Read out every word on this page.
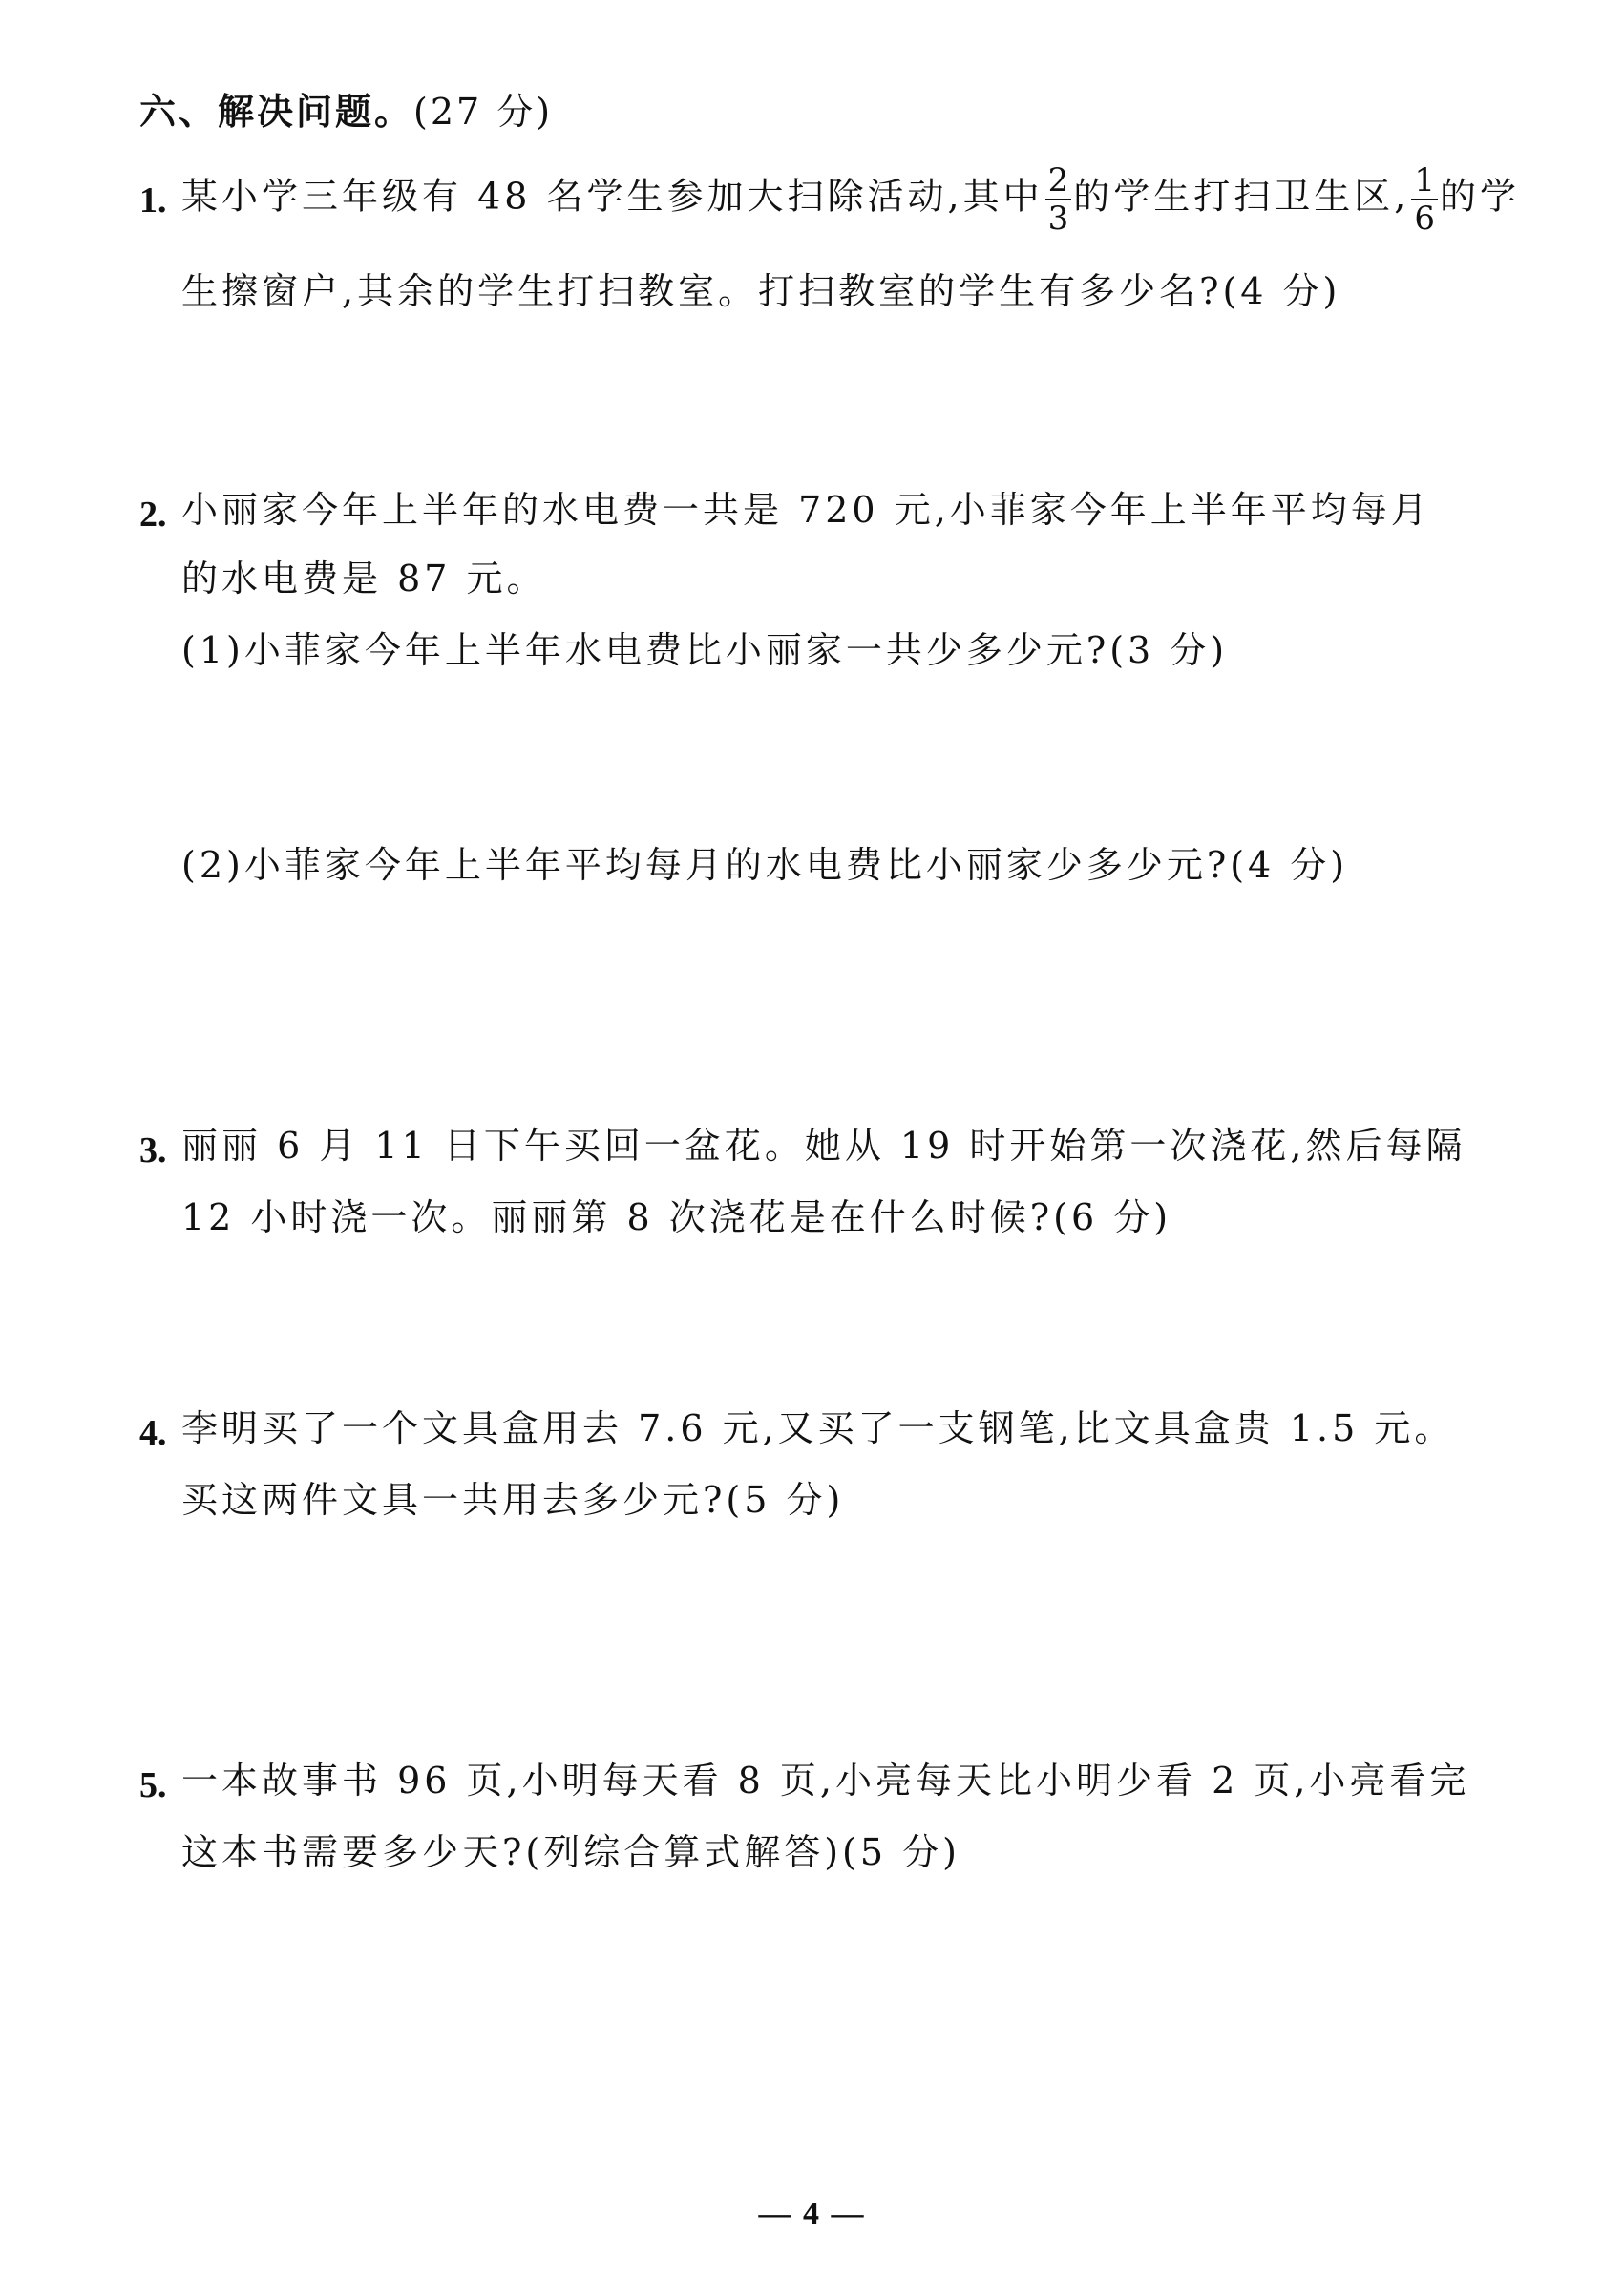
六、解决问题。(27 分)
1. 某小学三年级有 48 名学生参加大扫除活动,其中 $\frac{2}{3}$ 的学生打扫卫生区, $\frac{1}{6}$ 的学
生擦窗户,其余的学生打扫教室。打扫教室的学生有多少名?(4 分)
2. 小丽家今年上半年的水电费一共是 720 元,小菲家今年上半年平均每月
的水电费是 87 元。
(1)小菲家今年上半年水电费比小丽家一共少多少元?(3 分)
(2)小菲家今年上半年平均每月的水电费比小丽家少多少元?(4 分)
3. 丽丽 6 月 11 日下午买回一盆花。她从 19 时开始第一次浇花,然后每隔
12 小时浇一次。丽丽第 8 次浇花是在什么时候?(6 分)
4. 李明买了一个文具盒用去 7.6 元,又买了一支钢笔,比文具盒贵 1.5 元。
买这两件文具一共用去多少元?(5 分)
5. 一本故事书 96 页,小明每天看 8 页,小亮每天比小明少看 2 页,小亮看完
这本书需要多少天?(列综合算式解答)(5 分)
— 4 —
